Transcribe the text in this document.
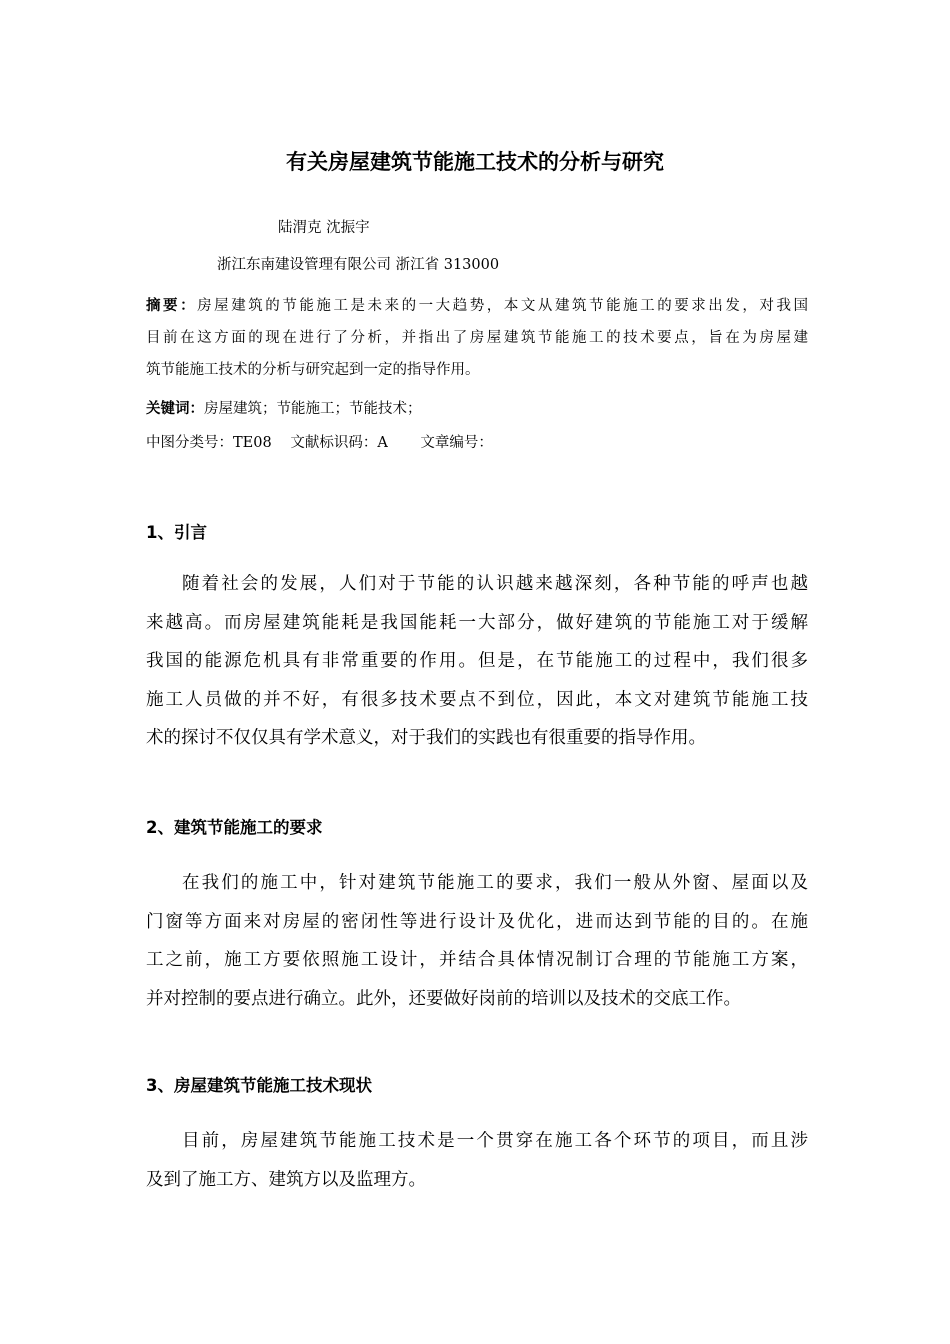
有关房屋建筑节能施工技术的分析与研究
陆渭克 沈振宇
浙江东南建设管理有限公司 浙江省 313000
摘要：房屋建筑的节能施工是未来的一大趋势，本文从建筑节能施工的要求出发，对我国
目前在这方面的现在进行了分析，并指出了房屋建筑节能施工的技术要点，旨在为房屋建
筑节能施工技术的分析与研究起到一定的指导作用。
关键词：房屋建筑；节能施工；节能技术；
中图分类号：TE08 文献标识码：A 文章编号：
1、引言
随着社会的发展，人们对于节能的认识越来越深刻，各种节能的呼声也越
来越高。而房屋建筑能耗是我国能耗一大部分，做好建筑的节能施工对于缓解
我国的能源危机具有非常重要的作用。但是，在节能施工的过程中，我们很多
施工人员做的并不好，有很多技术要点不到位，因此，本文对建筑节能施工技
术的探讨不仅仅具有学术意义，对于我们的实践也有很重要的指导作用。
2、建筑节能施工的要求
在我们的施工中，针对建筑节能施工的要求，我们一般从外窗、屋面以及
门窗等方面来对房屋的密闭性等进行设计及优化，进而达到节能的目的。在施
工之前，施工方要依照施工设计，并结合具体情况制订合理的节能施工方案，
并对控制的要点进行确立。此外，还要做好岗前的培训以及技术的交底工作。
3、房屋建筑节能施工技术现状
目前，房屋建筑节能施工技术是一个贯穿在施工各个环节的项目，而且涉
及到了施工方、建筑方以及监理方。
